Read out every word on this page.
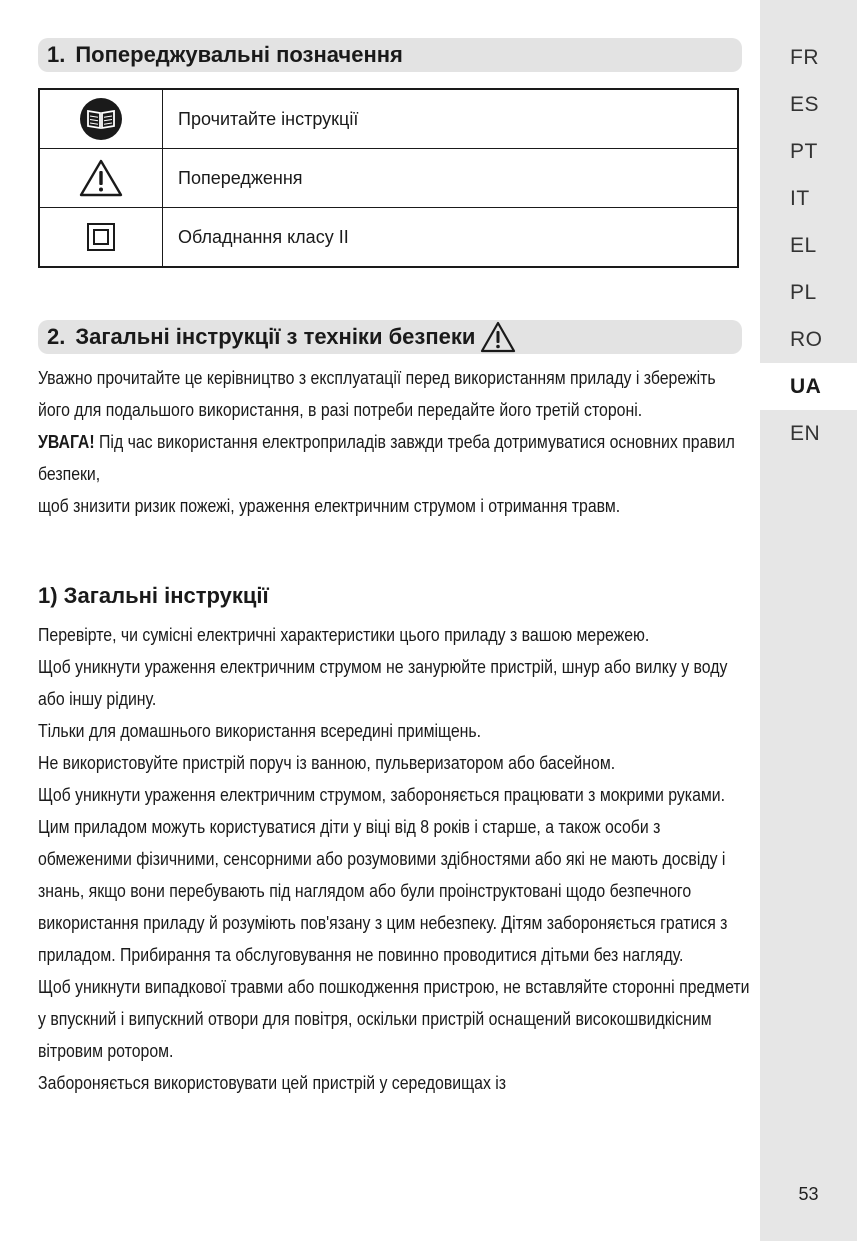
1. Попереджувальні позначення
	Прочитайте інструкції

	Попередження

	Обладнання класу II
2. Загальні інструкції з техніки безпеки

Уважно прочитайте це керівництво з експлуатації перед використанням приладу і збережіть його для подальшого використання, в разі потреби передайте його третій стороні.

УВАГА! Під час використання електроприладів завжди треба дотримуватися основних правил безпеки,

щоб знизити ризик пожежі, ураження електричним струмом і отримання травм.

1) Загальні інструкції

Перевірте, чи сумісні електричні характеристики цього приладу з вашою мережею.

Щоб уникнути ураження електричним струмом не занурюйте пристрій, шнур або вилку у воду або іншу рідину.

Тільки для домашнього використання всередині приміщень.

Не використовуйте пристрій поруч із ванною, пульверизатором або басейном.

Щоб уникнути ураження електричним струмом, забороняється працювати з мокрими руками.

Цим приладом можуть користуватися діти у віці від 8 років і старше, а також особи з обмеженими фізичними, сенсорними або розумовими здібностями або які не мають досвіду і знань, якщо вони перебувають під наглядом або були проінструктовані щодо безпечного використання приладу й розуміють пов'язану з цим небезпеку. Дітям забороняється гратися з приладом. Прибирання та обслуговування не повинно проводитися дітьми без нагляду.

Щоб уникнути випадкової травми або пошкодження пристрою, не вставляйте сторонні предмети у впускний і випускний отвори для повітря, оскільки пристрій оснащений високошвидкісним вітровим ротором.

Забороняється використовувати цей пристрій у середовищах із

FR
ES
PT
IT
EL
PL
RO
UA
EN
53
